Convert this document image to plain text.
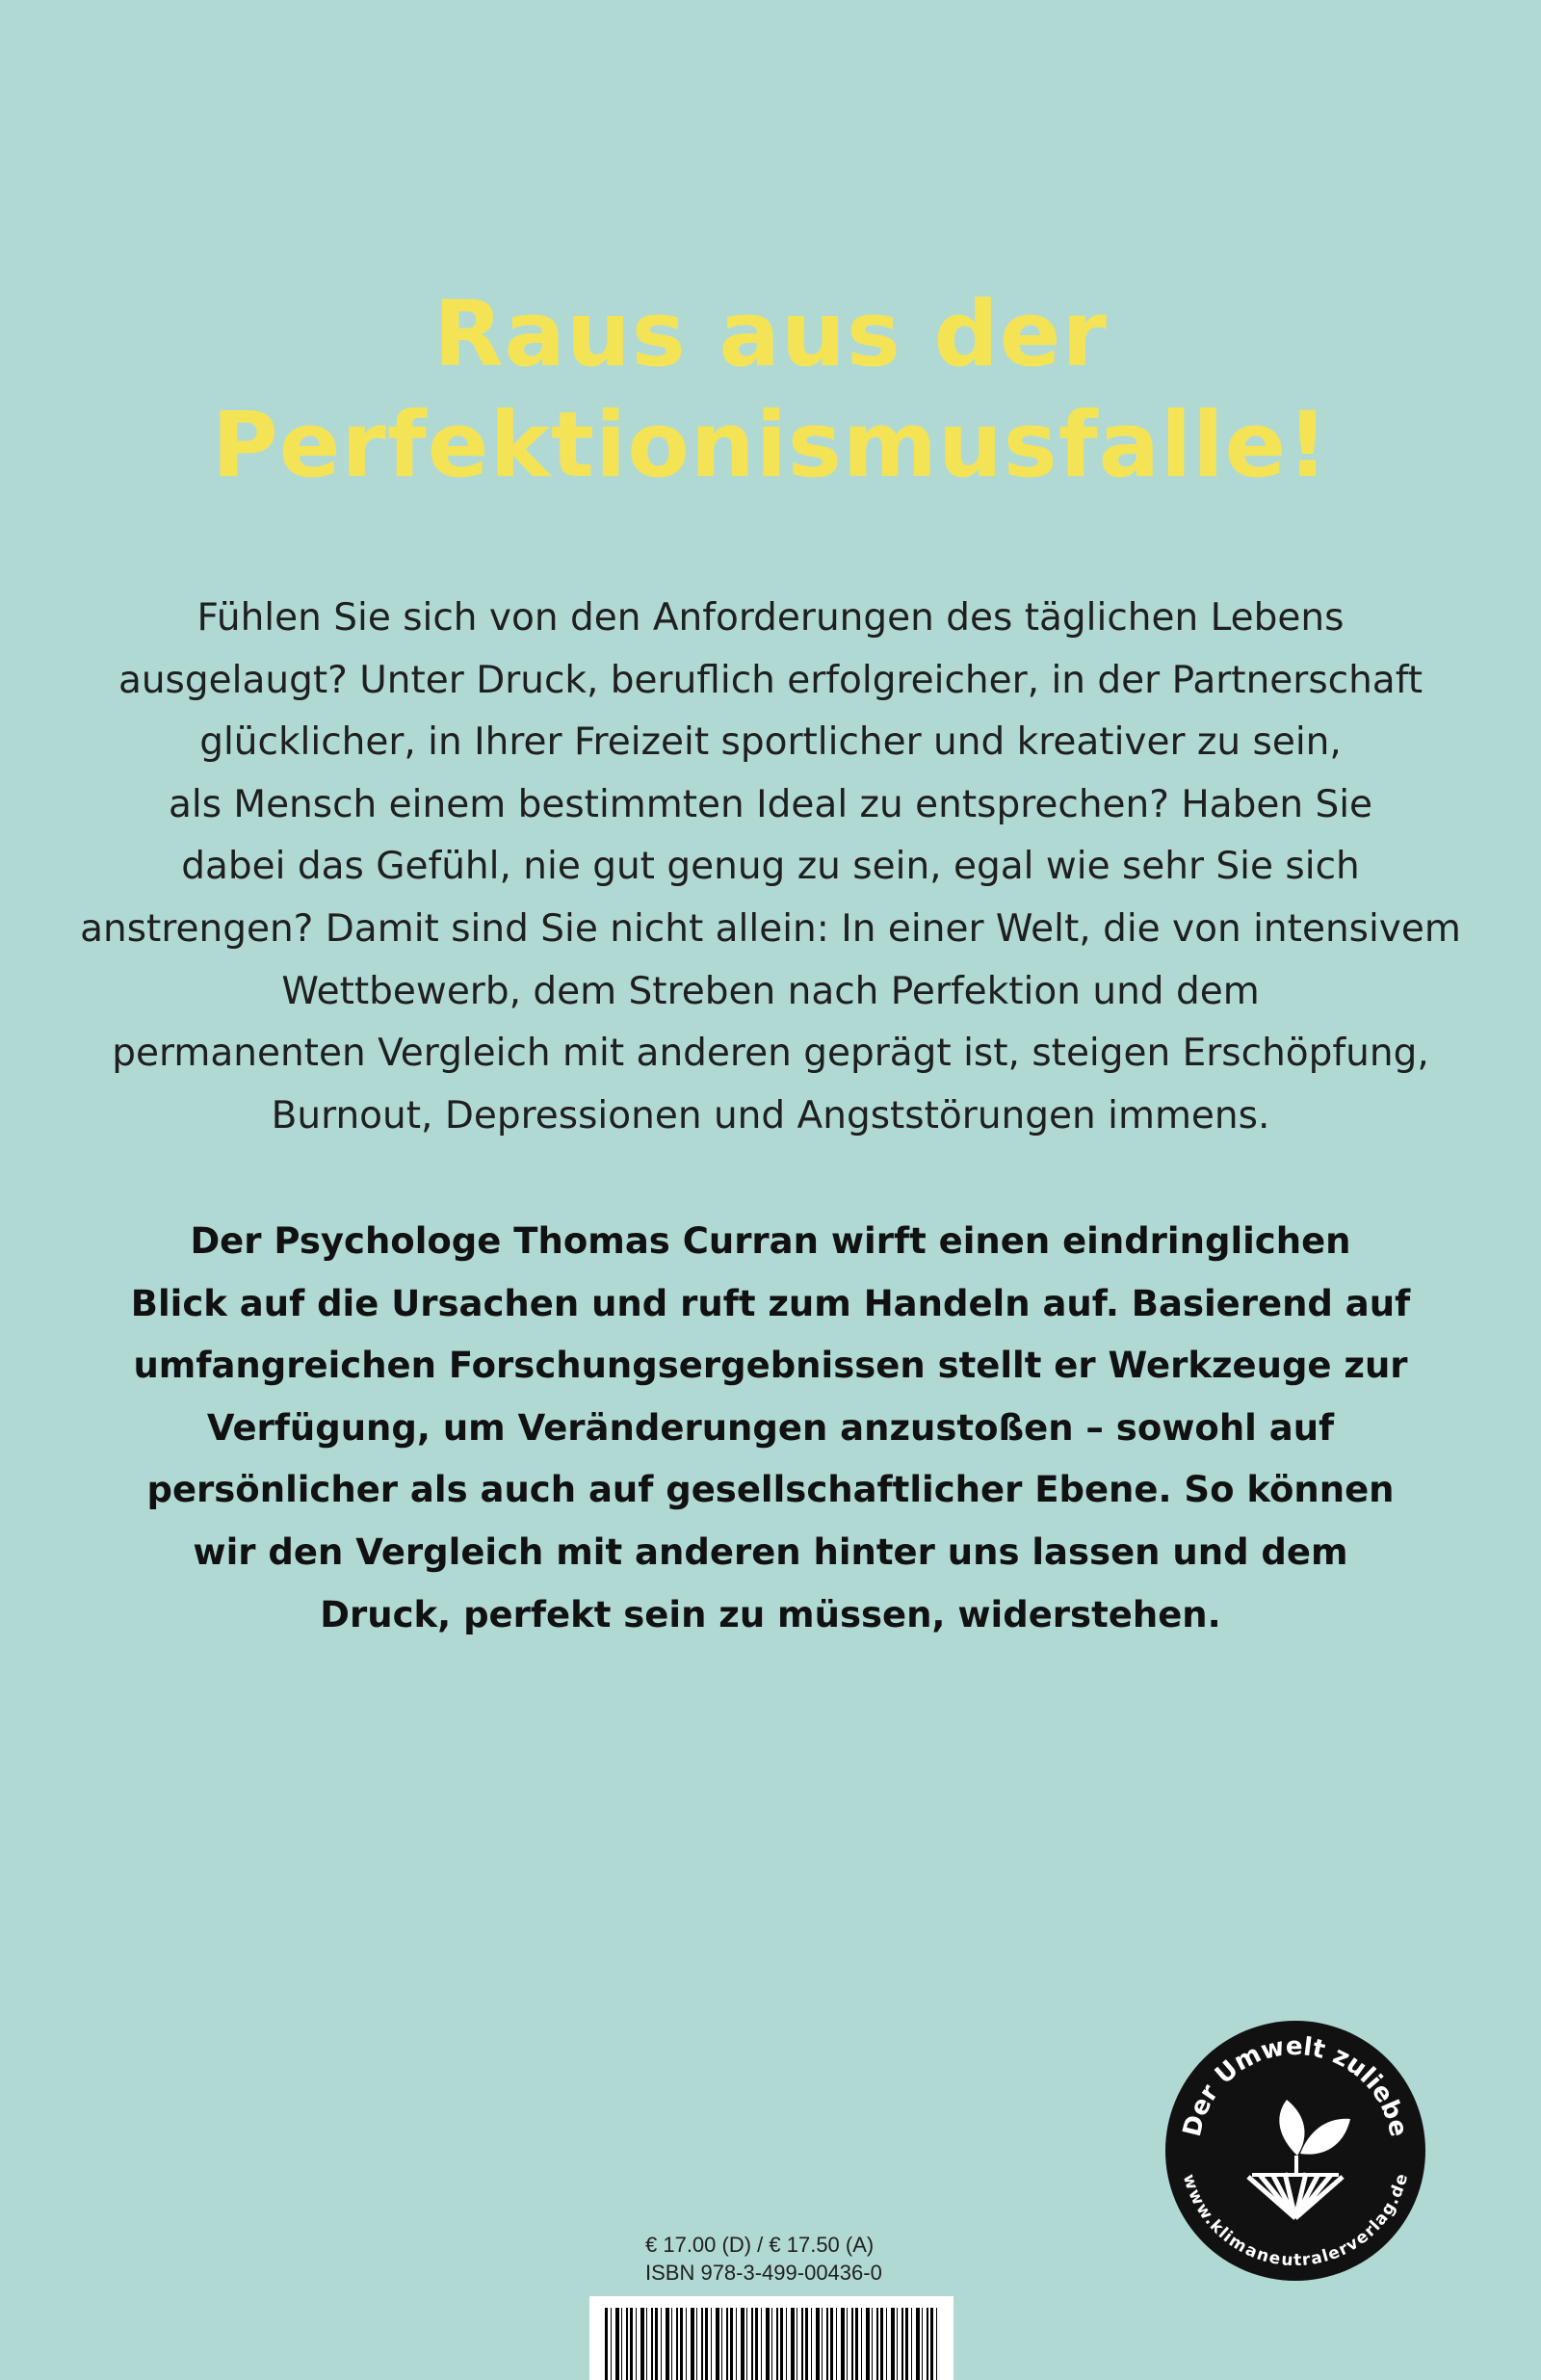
Raus aus der
Perfektionismusfalle!
Fühlen Sie sich von den Anforderungen des täglichen Lebens
ausgelaugt? Unter Druck, beruflich erfolgreicher, in der Partnerschaft
glücklicher, in Ihrer Freizeit sportlicher und kreativer zu sein,
als Mensch einem bestimmten Ideal zu entsprechen? Haben Sie
dabei das Gefühl, nie gut genug zu sein, egal wie sehr Sie sich
anstrengen? Damit sind Sie nicht allein: In einer Welt, die von intensivem
Wettbewerb, dem Streben nach Perfektion und dem
permanenten Vergleich mit anderen geprägt ist, steigen Erschöpfung,
Burnout, Depressionen und Angststörungen immens.
Der Psychologe Thomas Curran wirft einen eindringlichen
Blick auf die Ursachen und ruft zum Handeln auf. Basierend auf
umfangreichen Forschungsergebnissen stellt er Werkzeuge zur
Verfügung, um Veränderungen anzustoßen – sowohl auf
persönlicher als auch auf gesellschaftlicher Ebene. So können
wir den Vergleich mit anderen hinter uns lassen und dem
Druck, perfekt sein zu müssen, widerstehen.
Der Umwelt zuliebe
www.klimaneutralerverlag.de
€ 17.00 (D) / € 17.50 (A)
ISBN 978-3-499-00436-0
